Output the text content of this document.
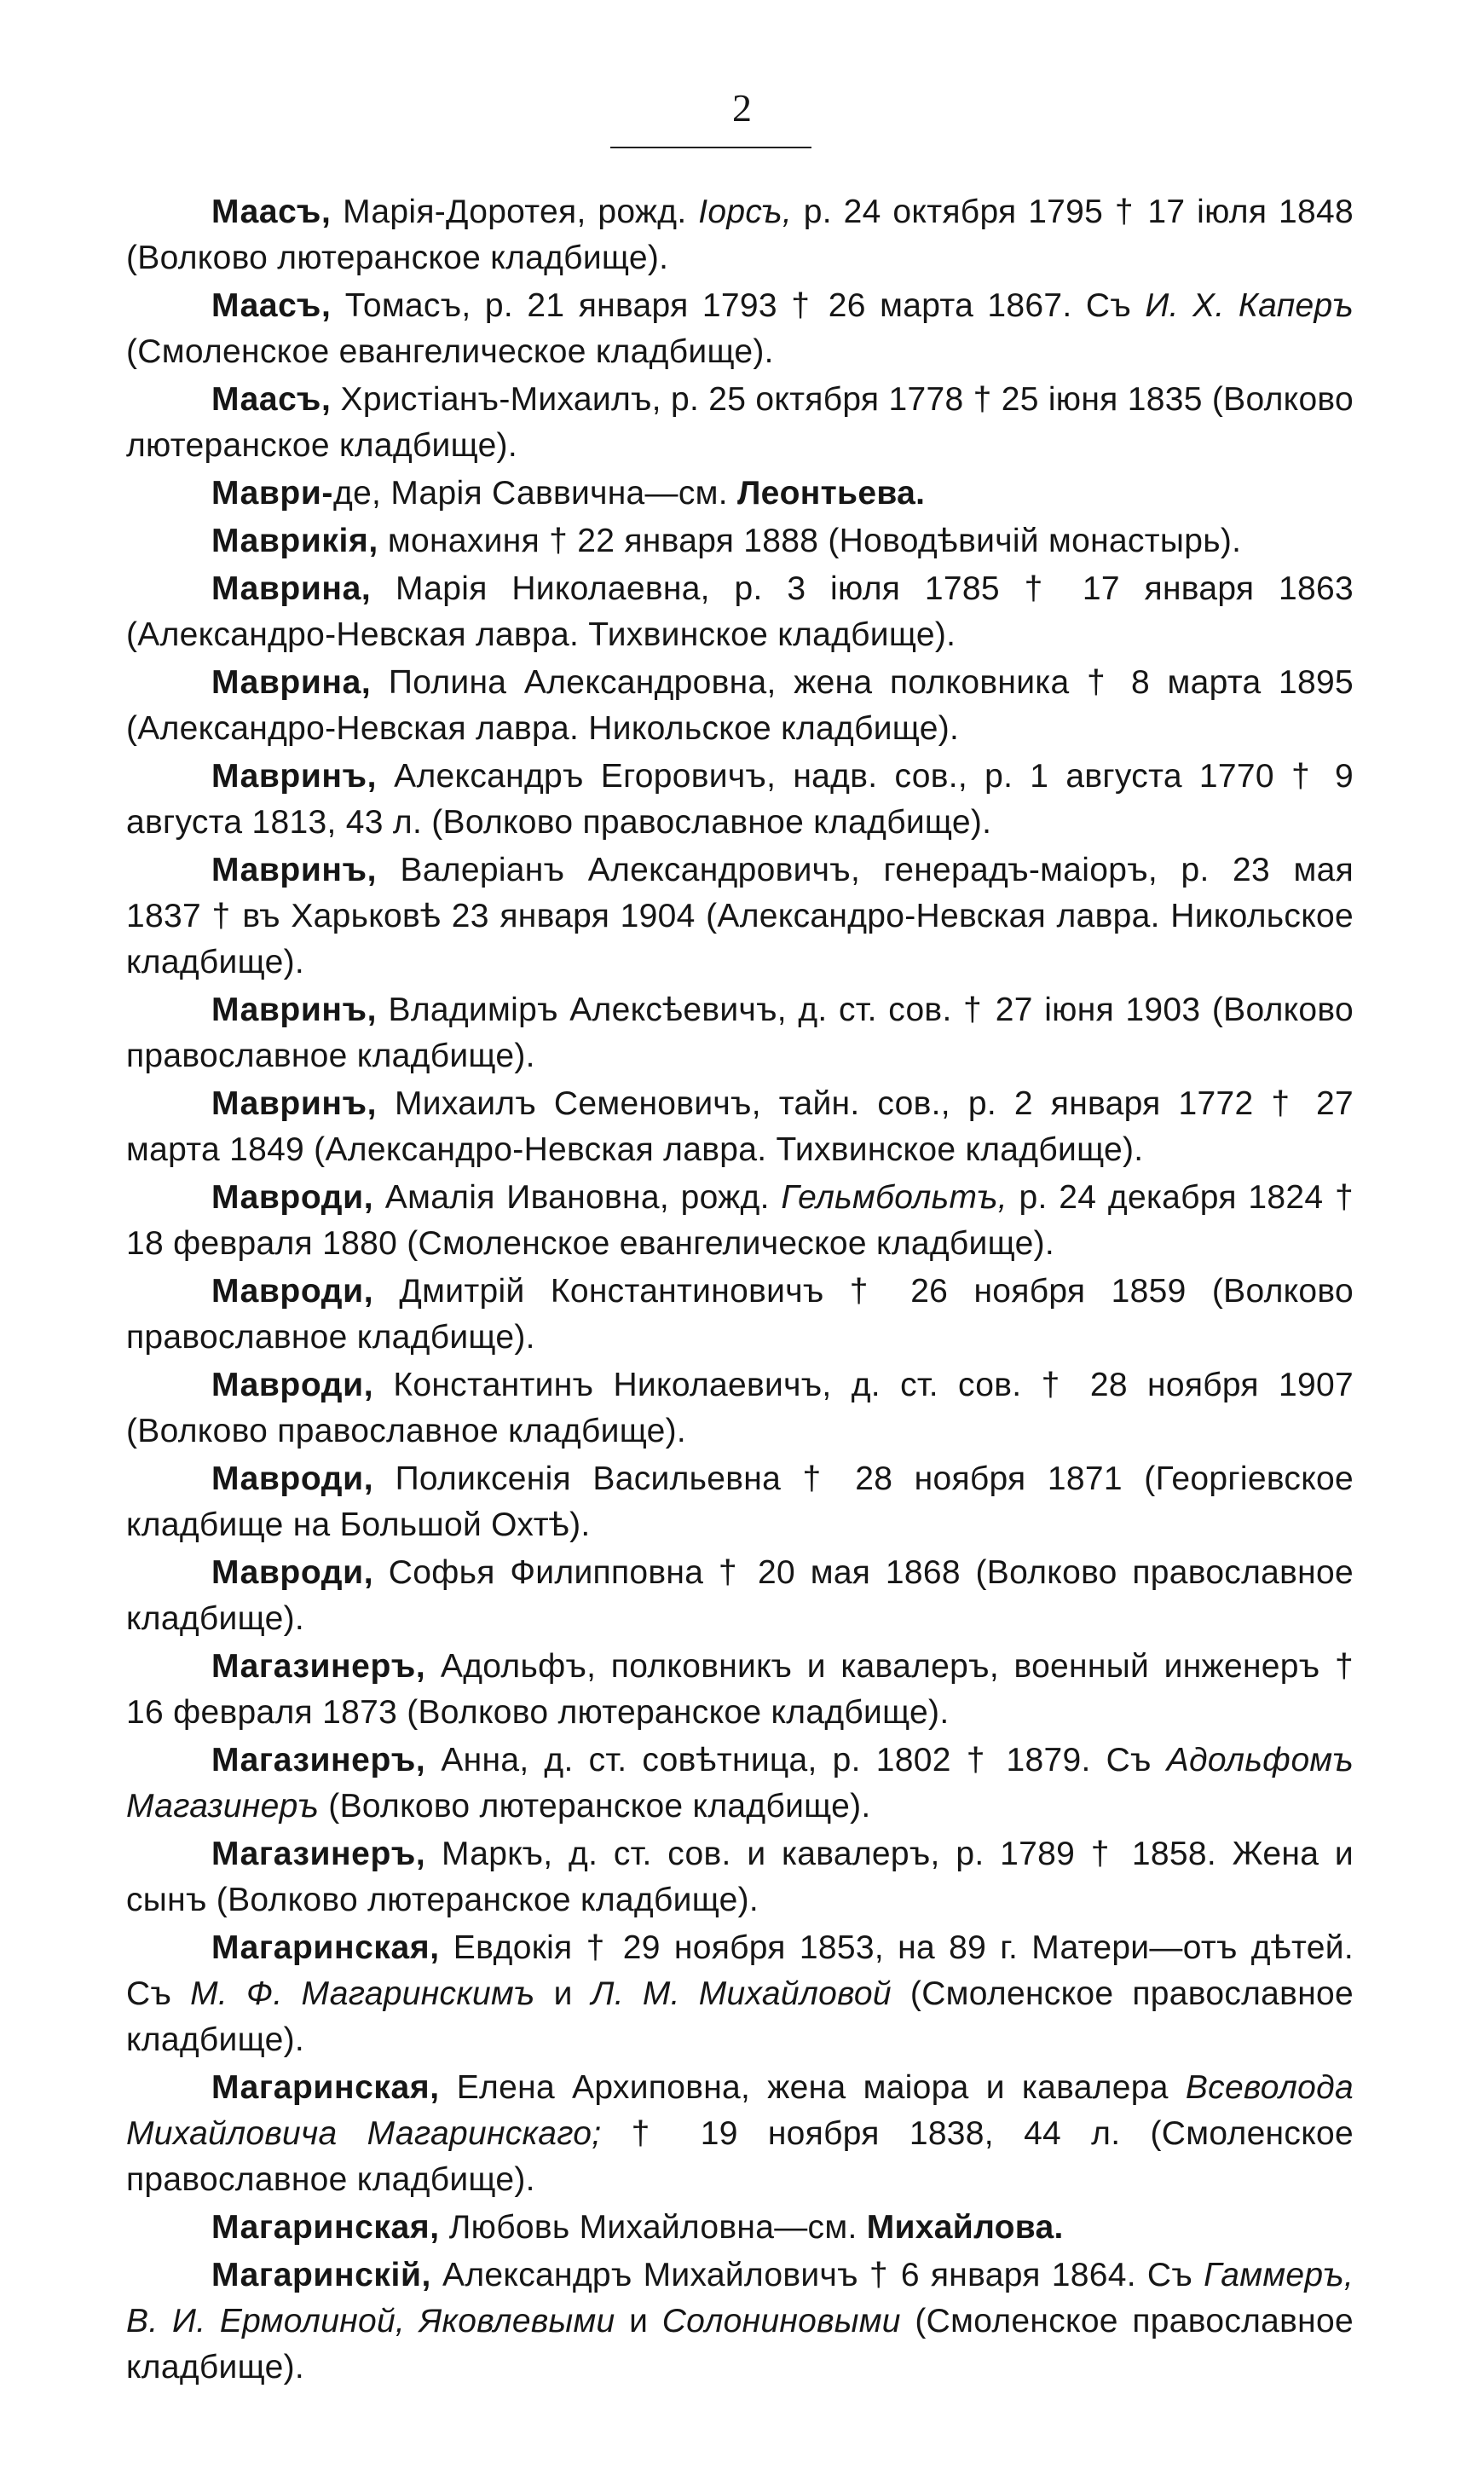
2

Маасъ, Марія-Доротея, рожд. Іорсъ, р. 24 октября 1795 † 17 іюля 1848 (Волково лютеранское кладбище).

Маасъ, Томасъ, р. 21 января 1793 † 26 марта 1867. Съ И. Х. Каперъ (Смоленское евангелическое кладбище).

Маасъ, Христіанъ-Михаилъ, р. 25 октября 1778 † 25 іюня 1835 (Волково лютеранское кладбище).

Маври-де, Марія Саввична—см. Леонтьева.

Маврикія, монахиня † 22 января 1888 (Новодѣвичій монастырь).

Маврина, Марія Николаевна, р. 3 іюля 1785 † 17 января 1863 (Александро-Невская лавра. Тихвинское кладбище).

Маврина, Полина Александровна, жена полковника † 8 марта 1895 (Александро-Невская лавра. Никольское кладбище).

Мавринъ, Александръ Егоровичъ, надв. сов., р. 1 августа 1770 † 9 августа 1813, 43 л. (Волково православное кладбище).

Мавринъ, Валеріанъ Александровичъ, генерадъ-маіоръ, р. 23 мая 1837 † въ Харьковѣ 23 января 1904 (Александро-Невская лавра. Никольское кладбище).

Мавринъ, Владиміръ Алексѣевичъ, д. ст. сов. † 27 іюня 1903 (Волково православное кладбище).

Мавринъ, Михаилъ Семеновичъ, тайн. сов., р. 2 января 1772 † 27 марта 1849 (Александро-Невская лавра. Тихвинское кладбище).

Мавроди, Амалія Ивановна, рожд. Гельмбольтъ, р. 24 декабря 1824 † 18 февраля 1880 (Смоленское евангелическое кладбище).

Мавроди, Дмитрій Константиновичъ † 26 ноября 1859 (Волково православное кладбище).

Мавроди, Константинъ Николаевичъ, д. ст. сов. † 28 ноября 1907 (Волково православное кладбище).

Мавроди, Поликсенія Васильевна † 28 ноября 1871 (Георгіевское кладбище на Большой Охтѣ).

Мавроди, Софья Филипповна † 20 мая 1868 (Волково православное кладбище).

Магазинеръ, Адольфъ, полковникъ и кавалеръ, военный инженеръ † 16 февраля 1873 (Волково лютеранское кладбище).

Магазинеръ, Анна, д. ст. совѣтница, р. 1802 † 1879. Съ Адольфомъ Магазинеръ (Волково лютеранское кладбище).

Магазинеръ, Маркъ, д. ст. сов. и кавалеръ, р. 1789 † 1858. Жена и сынъ (Волково лютеранское кладбище).

Магаринская, Евдокія † 29 ноября 1853, на 89 г. Матери—отъ дѣтей. Съ М. Ф. Магаринскимъ и Л. М. Михайловой (Смоленское православное кладбище).

Магаринская, Елена Архиповна, жена маіора и кавалера Всеволода Михайловича Магаринскаго; † 19 ноября 1838, 44 л. (Смоленское православное кладбище).

Магаринская, Любовь Михайловна—см. Михайлова.

Магаринскій, Александръ Михайловичъ † 6 января 1864. Съ Гаммеръ, В. И. Ермолиной, Яковлевыми и Солониновыми (Смоленское православное кладбище).
